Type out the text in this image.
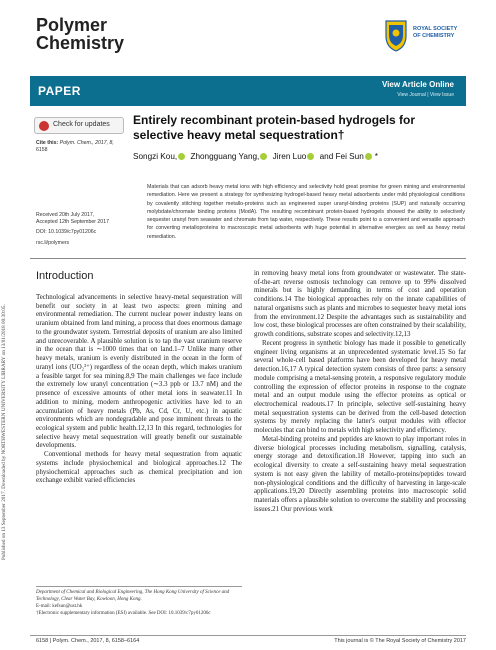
Published on 13 September 2017. Downloaded by NORTHWESTERN UNIVERSITY LIBRARY on 13/01/2018 00:30:05.
Polymer
Chemistry
ROYAL SOCIETY
OF CHEMISTRY
PAPER	View Article Online
View Journal | View Issue
Check for updates
Cite this: Polym. Chem., 2017, 8,
6158
Received 20th July 2017,
Accepted 12th September 2017
DOI: 10.1039/c7py01206c
rsc.li/polymers
Entirely recombinant protein-based hydrogels for selective heavy metal sequestration†
Songzi Kou, Zhongguang Yang, Jiren Luo and Fei Sun *
Materials that can adsorb heavy metal ions with high efficiency and selectivity hold great promise for green mining and environmental remediation. Here we present a strategy for synthesizing hydrogel-based heavy metal adsorbents under mild physiological conditions by covalently stitching together metallo-proteins such as engineered super uranyl-binding proteins (SUP) and naturally occurring molybdate/chromate binding proteins (ModA). The resulting recombinant protein-based hydrogels showed the ability to selectively sequester uranyl from seawater and chromate from tap water, respectively. These results point to a convenient and versatile approach for converting metalloproteins to macroscopic metal adsorbents with huge potential in alternative energies as well as heavy metal remediation.
Introduction

Technological advancements in selective heavy-metal sequestration will benefit our society in at least two aspects: green mining and environmental remediation. The current nuclear power industry leans on uranium obtained from land mining, a process that does enormous damage to the groundwater system. Terrestrial deposits of uranium are also limited and unrecoverable. A plausible solution is to tap the vast uranium reserve in the ocean that is ∼1000 times that on land.1–7 Unlike many other heavy metals, uranium is evenly distributed in the ocean in the form of uranyl ions (UO₂²⁺) regardless of the ocean depth, which makes uranium a feasible target for sea mining.8,9 The main challenges we face include the extremely low uranyl concentration (∼3.3 ppb or 13.7 nM) and the presence of excessive amounts of other metal ions in seawater.11 In addition to mining, modern anthropogenic activities have led to an accumulation of heavy metals (Pb, As, Cd, Cr, U, etc.) in aquatic environments which are nondegradable and pose imminent threats to the ecological system and public health.12,13 In this regard, technologies for selective heavy metal sequestration will greatly benefit our sustainable developments.

Conventional methods for heavy metal sequestration from aquatic systems include physiochemical and biological approaches.12 The physiochemical approaches such as chemical precipitation and ion exchange exhibit varied efficiencies

Department of Chemical and Biological Engineering, The Hong Kong University of Science and Technology, Clear Water Bay, Kowloon, Hong Kong.
E-mail: kefsun@ust.hk
†Electronic supplementary information (ESI) available. See DOI: 10.1039/c7py01206c

in removing heavy metal ions from groundwater or wastewater. The state-of-the-art reverse osmosis technology can remove up to 99% dissolved minerals but is highly demanding in terms of cost and operation conditions.14 The biological approaches rely on the innate capabilities of natural organisms such as plants and microbes to sequester heavy metal ions from the environment.12 Despite the advantages such as sustainability and low cost, these biological processes are often constrained by their scalability, growth conditions, substrate scopes and selectivity.12,13

Recent progress in synthetic biology has made it possible to genetically engineer living organisms at an unprecedented systematic level.15 So far several whole-cell based platforms have been developed for heavy metal detection.16,17 A typical detection system consists of three parts: a sensory module comprising a metal-sensing protein, a responsive regulatory module controlling the expression of effector proteins in response to the cognate metal and an output module using the effector proteins as optical or electrochemical readouts.17 In principle, selective self-sustaining heavy metal sequestration systems can be derived from the cell-based detection systems by merely replacing the latter's output modules with effector molecules that can bind to metals with high selectivity and efficiency.

Metal-binding proteins and peptides are known to play important roles in diverse biological processes including metabolism, signalling, catalysis, energy storage and detoxification.18 However, tapping into such an ecological diversity to create a self-sustaining heavy metal sequestration system is not easy given the lability of metallo-proteins/peptides toward non-physiological conditions and the difficulty of harvesting in large-scale applications.19,20 Directly assembling proteins into macroscopic solid materials offers a plausible solution to overcome the stability and processing issues.21 Our previous work

6158 | Polym. Chem., 2017, 8, 6158–6164	This journal is © The Royal Society of Chemistry 2017
